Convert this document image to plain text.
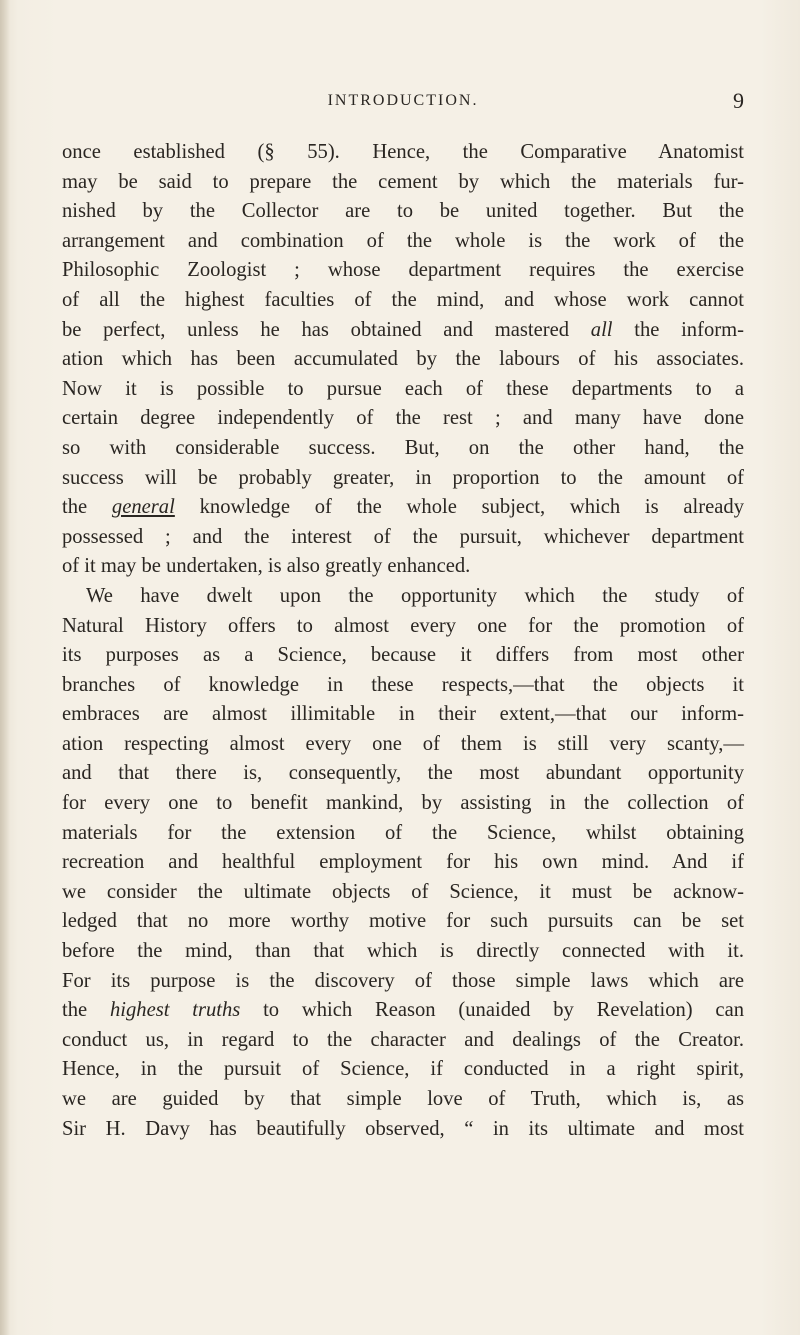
INTRODUCTION.	9
once established (§ 55). Hence, the Comparative Anatomist
may be said to prepare the cement by which the materials fur-
nished by the Collector are to be united together. But the
arrangement and combination of the whole is the work of the
Philosophic Zoologist ; whose department requires the exercise
of all the highest faculties of the mind, and whose work cannot
be perfect, unless he has obtained and mastered all the inform-
ation which has been accumulated by the labours of his associates.
Now it is possible to pursue each of these departments to a
certain degree independently of the rest ; and many have done
so with considerable success. But, on the other hand, the
success will be probably greater, in proportion to the amount of
the general knowledge of the whole subject, which is already
possessed ; and the interest of the pursuit, whichever department
of it may be undertaken, is also greatly enhanced.
We have dwelt upon the opportunity which the study of
Natural History offers to almost every one for the promotion of
its purposes as a Science, because it differs from most other
branches of knowledge in these respects,—that the objects it
embraces are almost illimitable in their extent,—that our inform-
ation respecting almost every one of them is still very scanty,—
and that there is, consequently, the most abundant opportunity
for every one to benefit mankind, by assisting in the collection of
materials for the extension of the Science, whilst obtaining
recreation and healthful employment for his own mind. And if
we consider the ultimate objects of Science, it must be acknow-
ledged that no more worthy motive for such pursuits can be set
before the mind, than that which is directly connected with it.
For its purpose is the discovery of those simple laws which are
the highest truths to which Reason (unaided by Revelation) can
conduct us, in regard to the character and dealings of the Creator.
Hence, in the pursuit of Science, if conducted in a right spirit,
we are guided by that simple love of Truth, which is, as
Sir H. Davy has beautifully observed, “ in its ultimate and most
